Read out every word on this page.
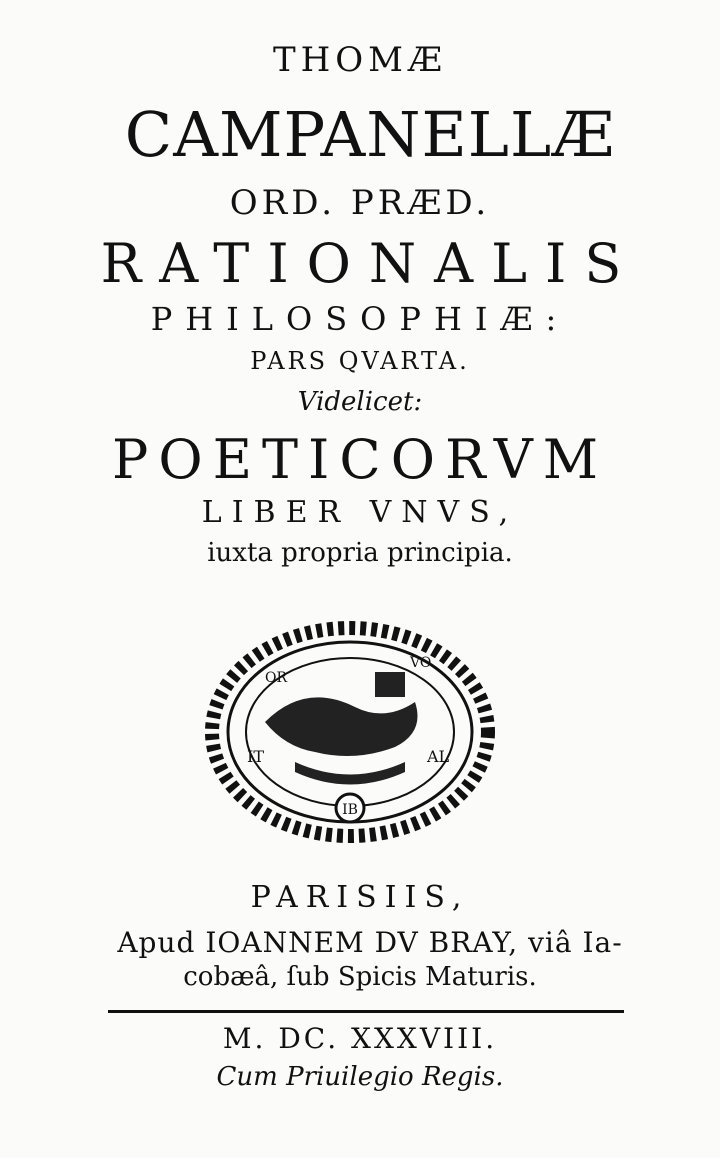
THOMÆ
CAMPANELLÆ
ORD. PRÆD.
RATIONALIS
PHILOSOPHIÆ:
PARS QVARTA.
Videlicet:
POETICORVM
LIBER VNVS,
iuxta propria principia.
IB
IT	AL
OR
VO
PARISIIS,
Apud IOANNEM DV BRAY, viâ Ia-
cobæâ, ſub Spicis Maturis.
M. DC. XXXVIII.
Cum Priuilegio Regis.
